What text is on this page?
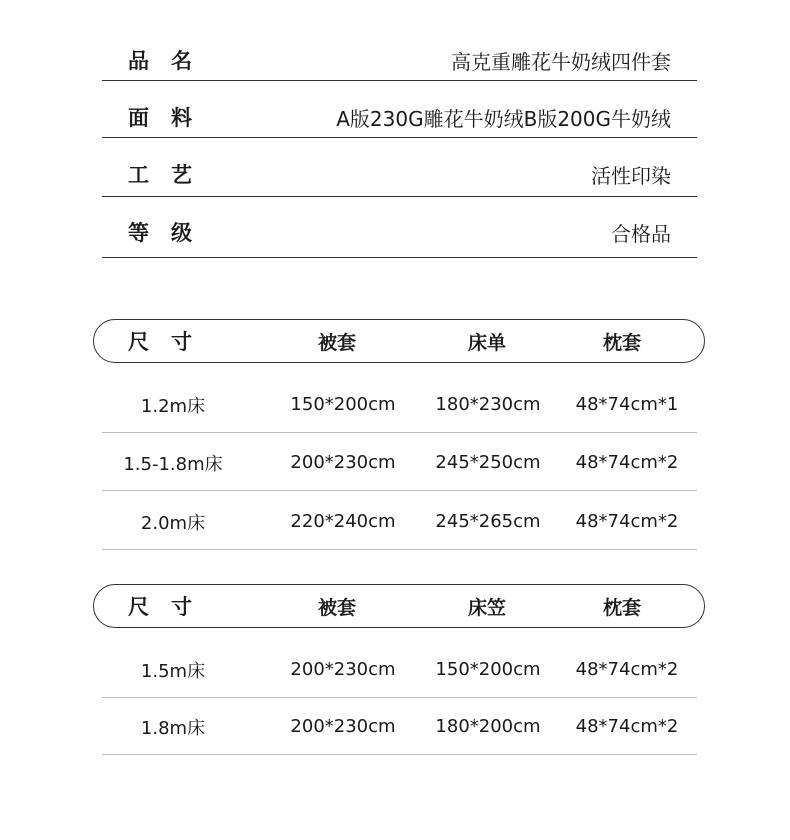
品名	高克重雕花牛奶绒四件套
面料	A版230G雕花牛奶绒B版200G牛奶绒
工艺	活性印染
等级	合格品
尺寸	被套	床单	枕套
1.2m床	150*200cm 180*230cm	48*74cm*1
1.5-1.8m床	200*230cm 245*250cm	48*74cm*2
2.0m床	220*240cm 245*265cm	48*74cm*2
尺寸	被套	床笠	枕套
1.5m床	200*230cm 150*200cm	48*74cm*2
1.8m床	200*230cm 180*200cm	48*74cm*2
